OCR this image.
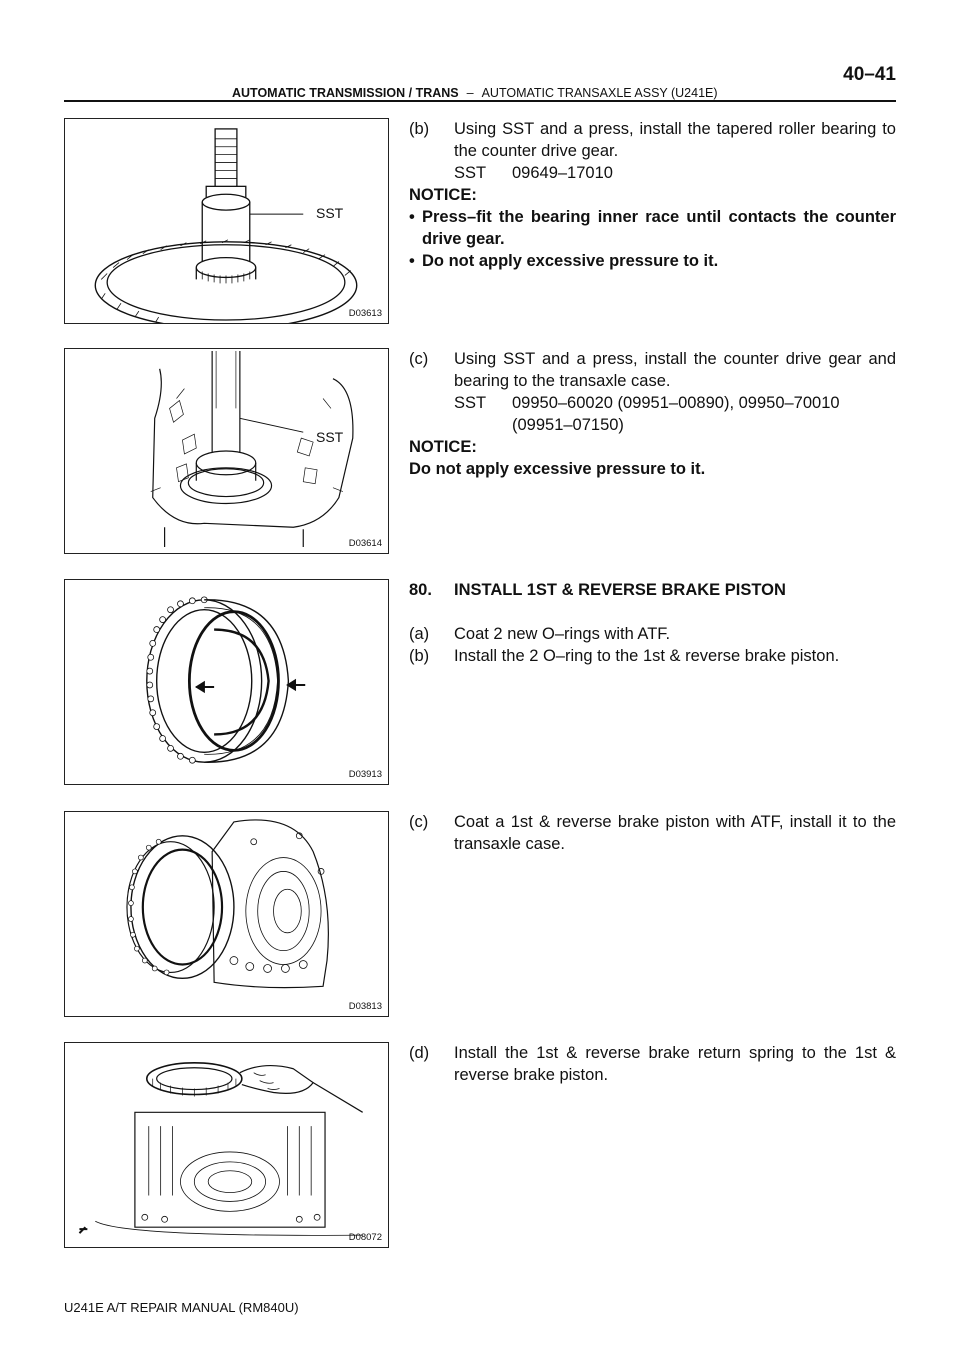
AUTOMATIC TRANSMISSION / TRANS – AUTOMATIC TRANSAXLE ASSY (U241E)
40–41
SST
D03613
SST
D03614
D03913
D03813
D08072
(b) Using SST and a press, install the tapered roller bearing to the counter drive gear.
SST 09649–17010
NOTICE:
• Press–fit the bearing inner race until contacts the counter drive gear.
• Do not apply excessive pressure to it.
(c) Using SST and a press, install the counter drive gear and bearing to the transaxle case.
SST 09950–60020 (09951–00890), 09950–70010
(09951–07150)
NOTICE:
Do not apply excessive pressure to it.
80. INSTALL 1ST & REVERSE BRAKE PISTON
(a) Coat 2 new O–rings with ATF.
(b) Install the 2 O–ring to the 1st & reverse brake piston.
(c) Coat a 1st & reverse brake piston with ATF, install it to the transaxle case.
(d) Install the 1st & reverse brake return spring to the 1st & reverse brake piston.
U241E A/T REPAIR MANUAL (RM840U)
